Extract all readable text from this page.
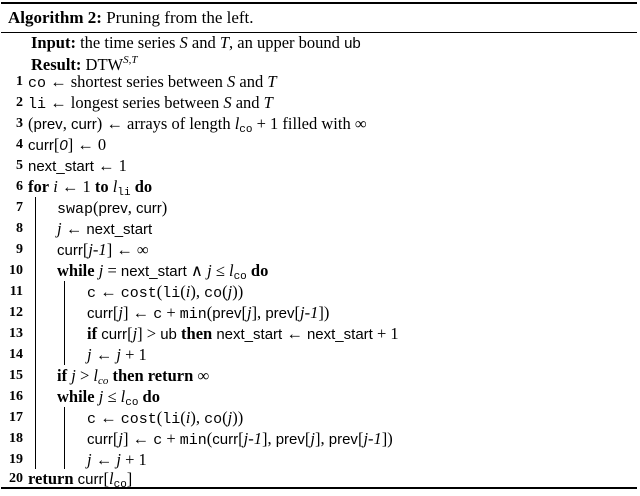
Algorithm 2: Pruning from the left.
Input: the time series S and T, an upper bound ub
Result: $DTW^{S,T}$
1 co ← shortest series between S and T
2 li ← longest series between S and T
3 (prev, curr) ← arrays of length $l_{co} + 1$ filled with ∞
4 curr[0] ← 0
5 next_start ← 1
6 for i ← 1 to $l_{li}$ do
7 swap(prev, curr)
8 j ← next_start
9 curr[j-1] ← ∞
10 while j = next_start ∧ $j \le l_{co}$ do
11	c ← cost(li(i), co(j))
12	curr[j] ← c + min(prev[j], prev[j-1])
13	if curr[j] > ub then next_start ← next_start + 1
14	j ← j + 1
15 if $j > l_{co}$ then return ∞
16 while $j \le l_{co}$ do
17	c ← cost(li(i), co(j))
18	curr[j] ← c + min(curr[j-1], prev[j], prev[j-1])
19	j ← j + 1
20 return $curr[l_{co}]$
